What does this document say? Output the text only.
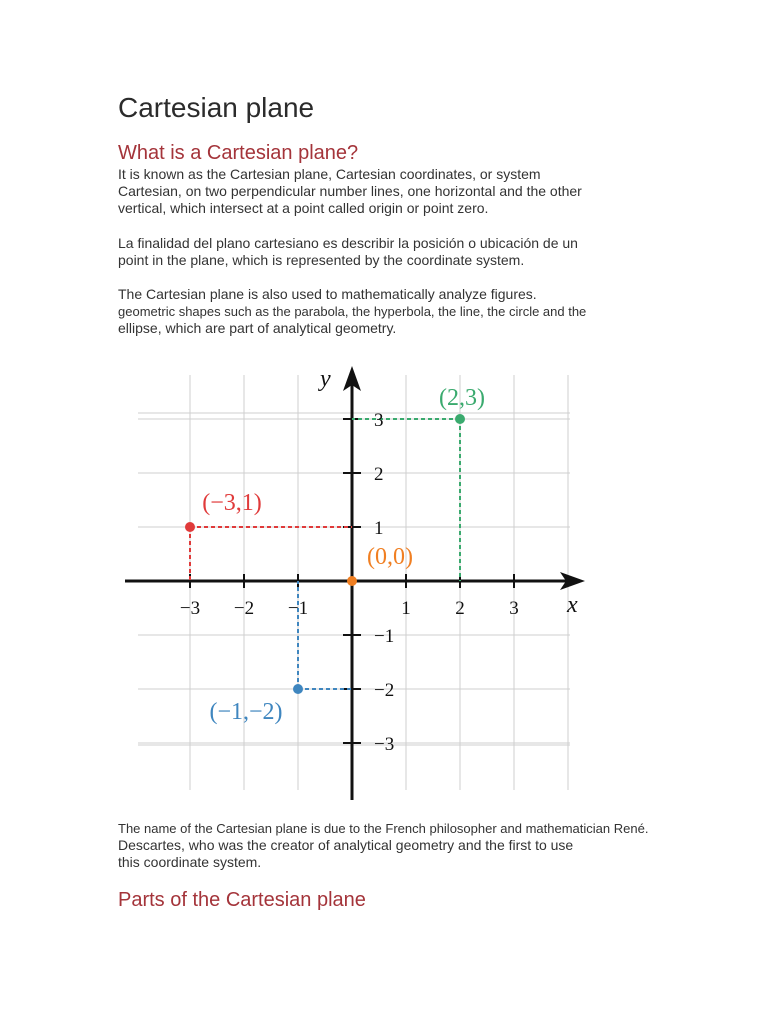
Cartesian plane
What is a Cartesian plane?

It is known as the Cartesian plane, Cartesian coordinates, or system
Cartesian, on two perpendicular number lines, one horizontal and the other
vertical, which intersect at a point called origin or point zero.

La finalidad del plano cartesiano es describir la posición o ubicación de un
point in the plane, which is represented by the coordinate system.

The Cartesian plane is also used to mathematically analyze figures.
geometric shapes such as the parabola, the hyperbola, the line, the circle and the
ellipse, which are part of analytical geometry.

−3 −2 −1	1 2 3
3
2
1
−1
−2
−3
(2,3)
(−3,1)
(0,0)
(−1,−2)
x
y

The name of the Cartesian plane is due to the French philosopher and mathematician René.
Descartes, who was the creator of analytical geometry and the first to use
this coordinate system.

Parts of the Cartesian plane
